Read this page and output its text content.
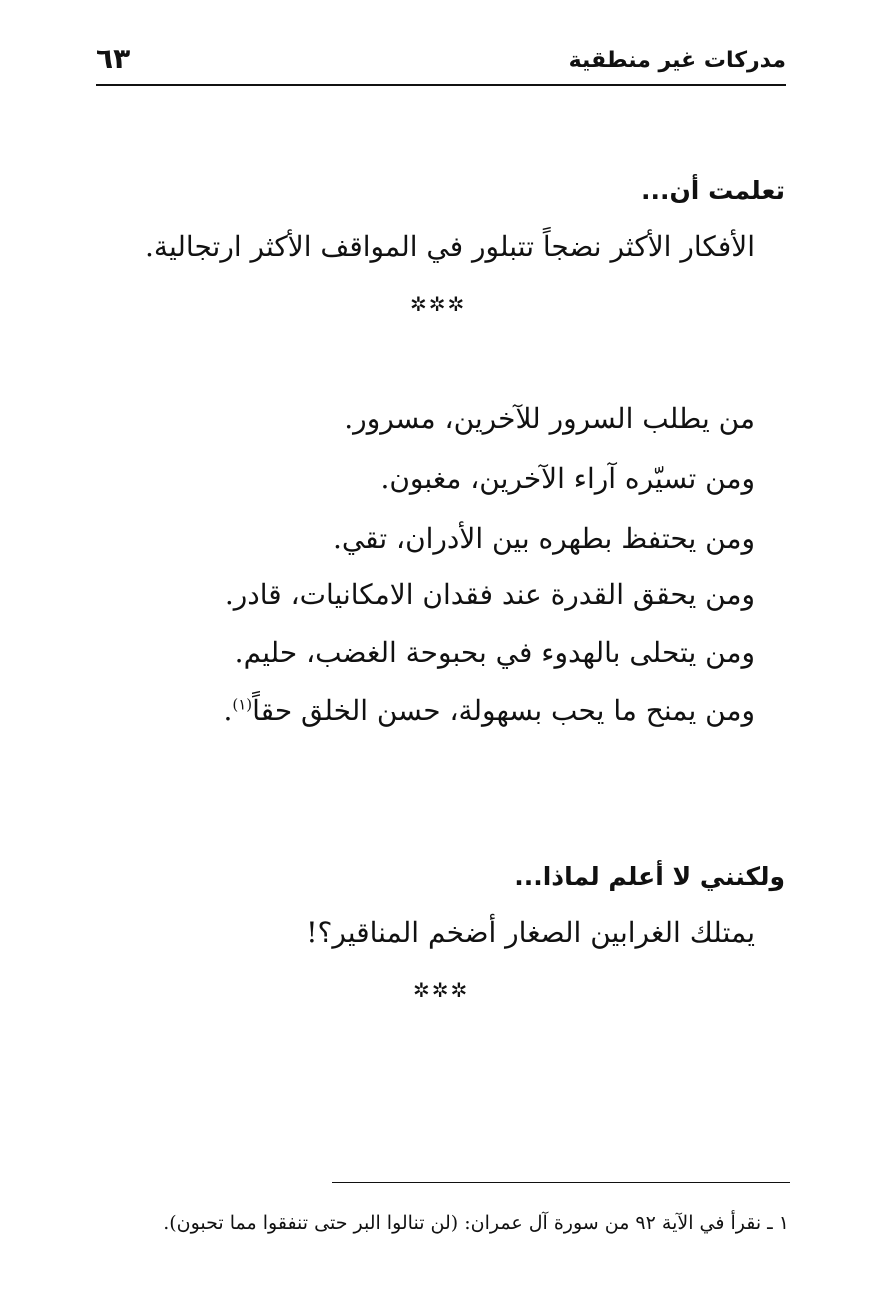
مدركات غير منطقية
٦٣
تعلمت أن...
الأفكار الأكثر نضجاً تتبلور في المواقف الأكثر ارتجالية.
✲✲✲
من يطلب السرور للآخرين، مسرور.
ومن تسيّره آراء الآخرين، مغبون.
ومن يحتفظ بطهره بين الأدران، تقي.
ومن يحقق القدرة عند فقدان الامكانيات، قادر.
ومن يتحلى بالهدوء في بحبوحة الغضب، حليم.
ومن يمنح ما يحب بسهولة، حسن الخلق حقاً$^{(١)}$.
ولكنني لا أعلم لماذا...
يمتلك الغرابين الصغار أضخم المناقير؟!
✲✲✲
١ ـ نقرأ في الآية ٩٢ من سورة آل عمران: (لن تنالوا البر حتى تنفقوا مما تحبون).
